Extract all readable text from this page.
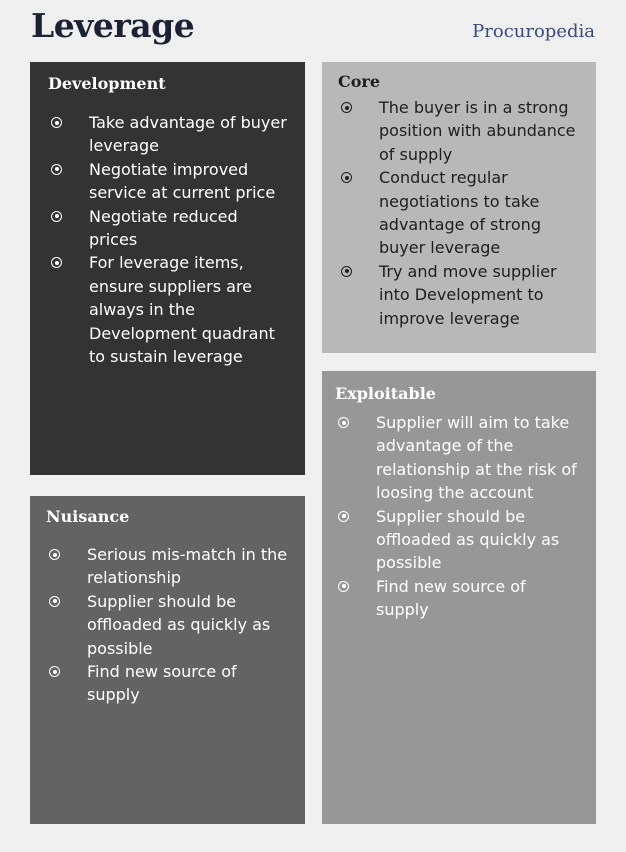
Leverage	Procuropedia
Development
Take advantage of buyer leverage
Negotiate improved service at current price
Negotiate reduced prices
For leverage items, ensure suppliers are always in the Development quadrant to sustain leverage
Core
The buyer is in a strong position with abundance of supply
Conduct regular negotiations to take advantage of strong buyer leverage
Try and move supplier into Development to improve leverage
Nuisance
Serious mis-match in the relationship
Supplier should be offloaded as quickly as possible
Find new source of supply
Exploitable
Supplier will aim to take advantage of the relationship at the risk of loosing the account
Supplier should be offloaded as quickly as possible
Find new source of supply
